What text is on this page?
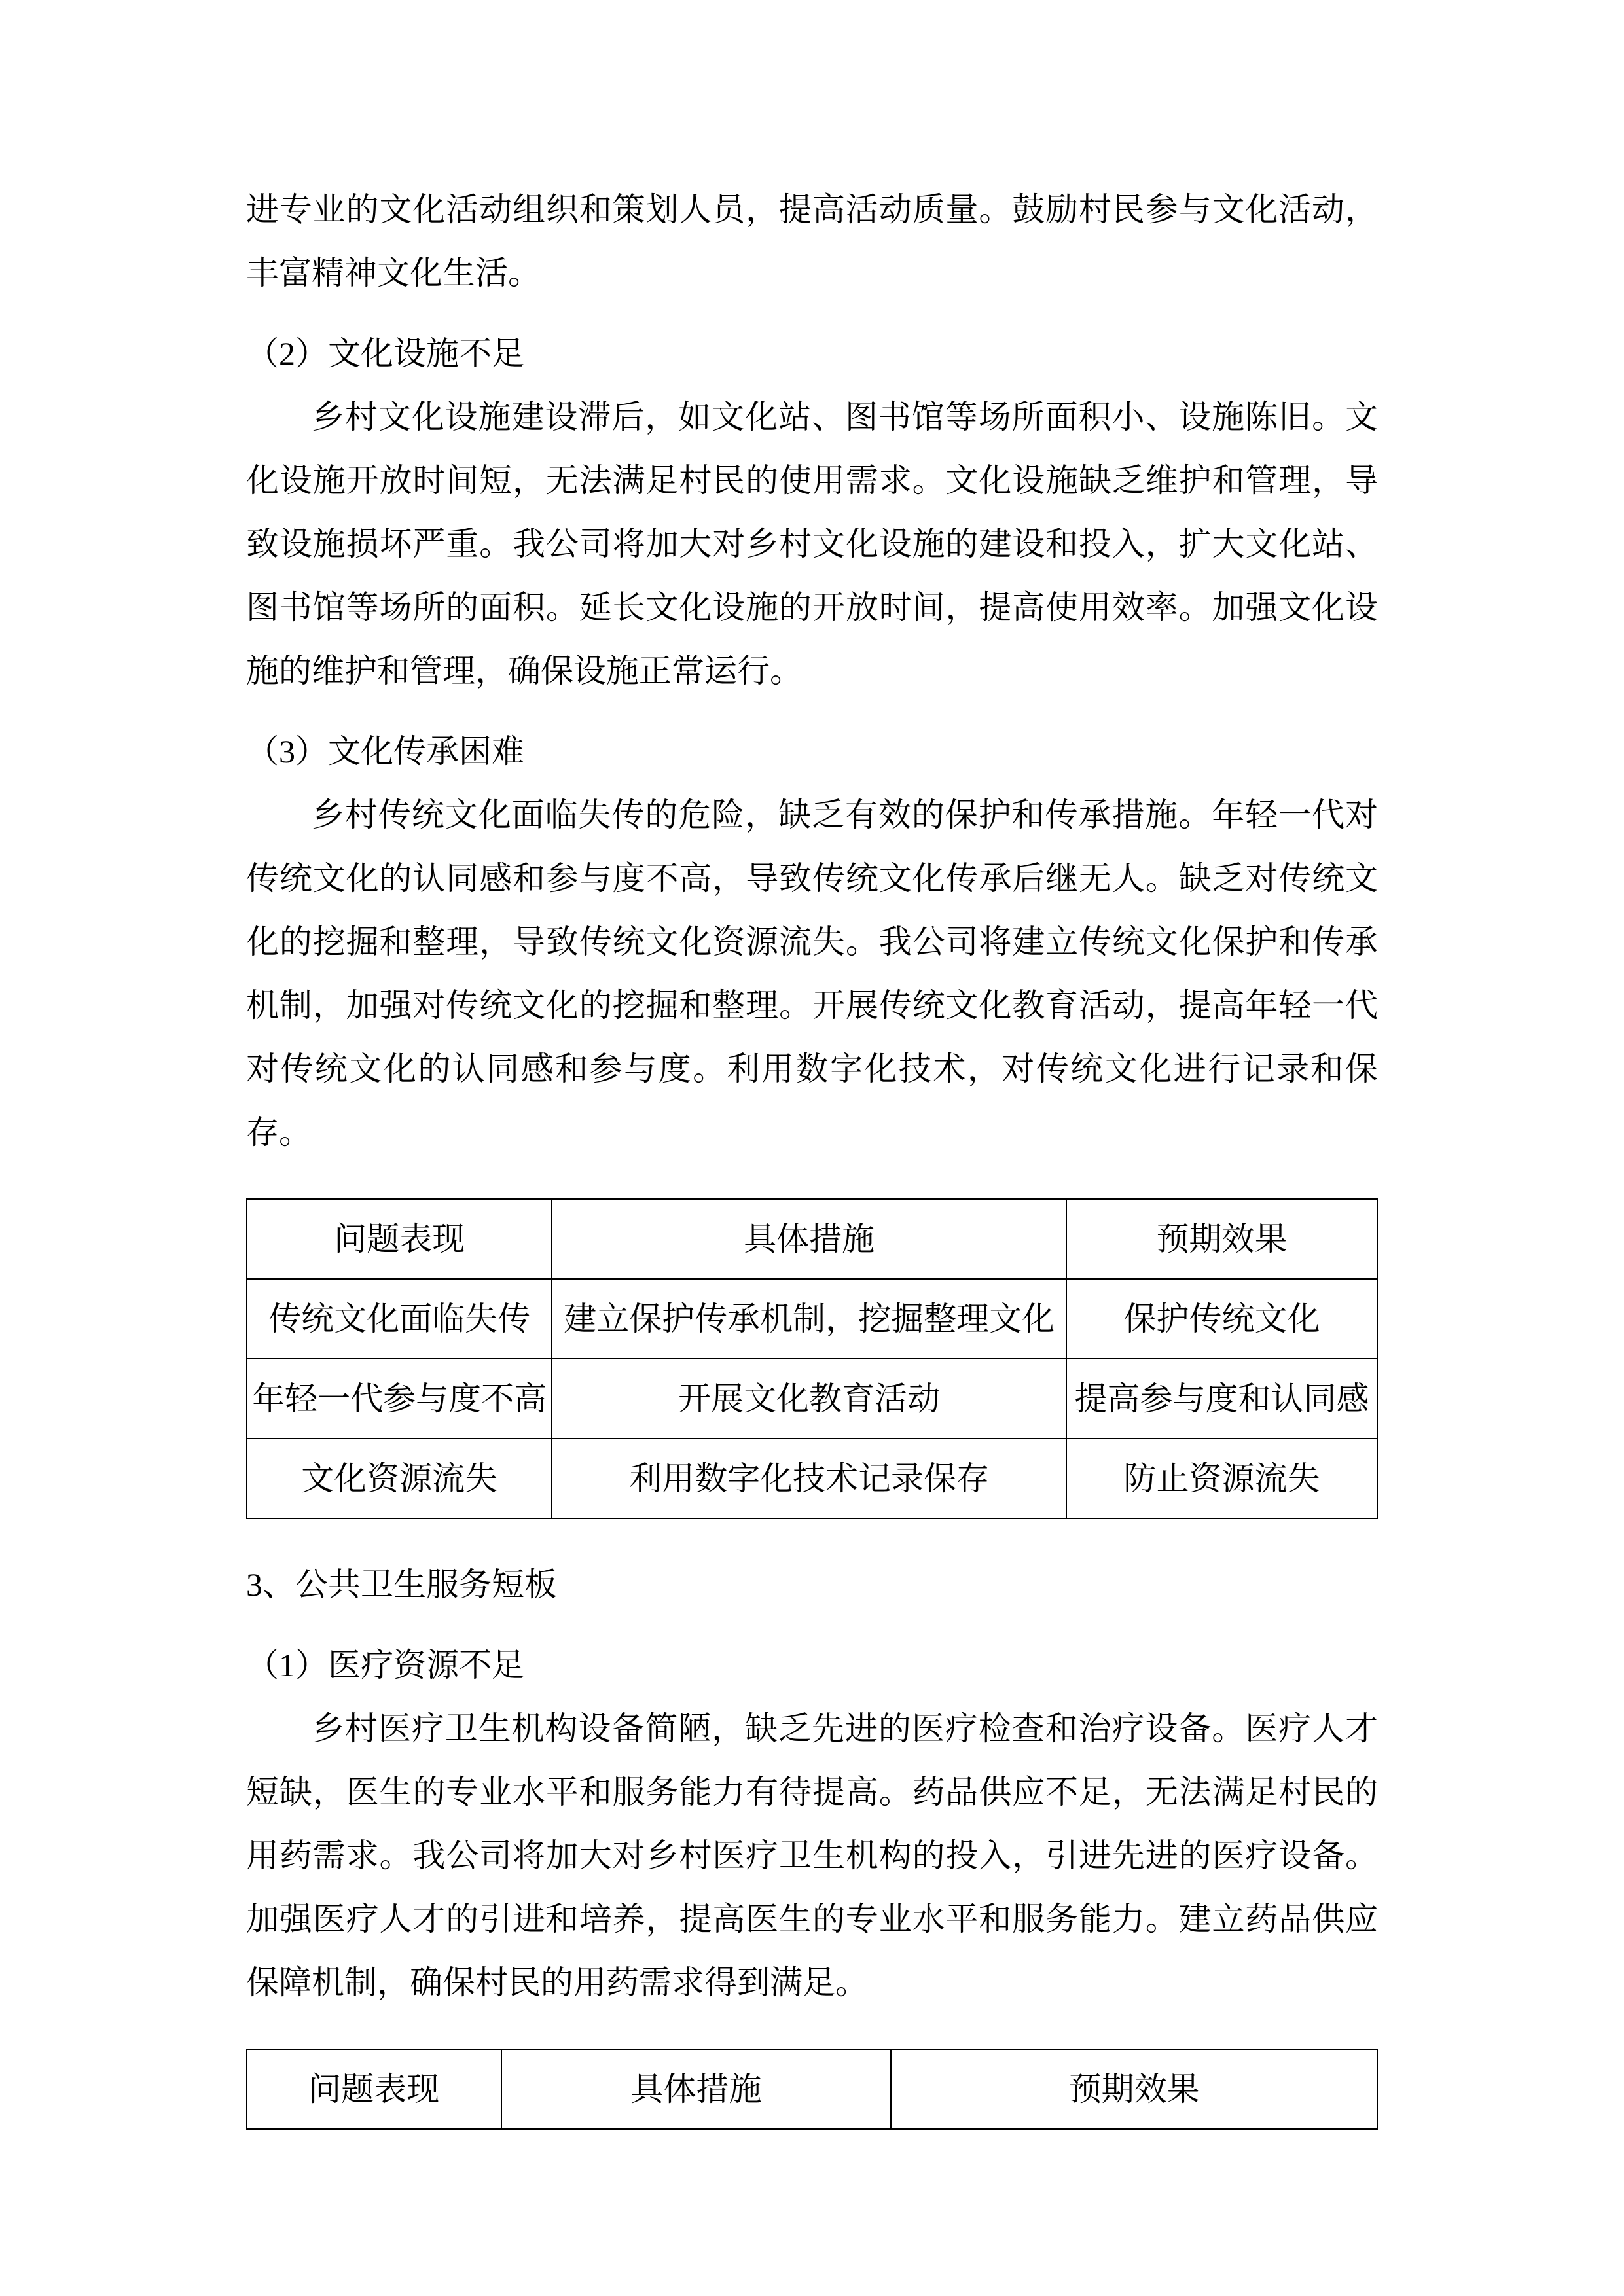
进专业的文化活动组织和策划人员，提高活动质量。鼓励村民参与文化活动，丰富精神文化生活。

（2）文化设施不足

乡村文化设施建设滞后，如文化站、图书馆等场所面积小、设施陈旧。文化设施开放时间短，无法满足村民的使用需求。文化设施缺乏维护和管理，导致设施损坏严重。我公司将加大对乡村文化设施的建设和投入，扩大文化站、图书馆等场所的面积。延长文化设施的开放时间，提高使用效率。加强文化设施的维护和管理，确保设施正常运行。

（3）文化传承困难

乡村传统文化面临失传的危险，缺乏有效的保护和传承措施。年轻一代对传统文化的认同感和参与度不高，导致传统文化传承后继无人。缺乏对传统文化的挖掘和整理，导致传统文化资源流失。我公司将建立传统文化保护和传承机制，加强对传统文化的挖掘和整理。开展传统文化教育活动，提高年轻一代对传统文化的认同感和参与度。利用数字化技术，对传统文化进行记录和保存。

问题表现	具体措施	预期效果
传统文化面临失传	建立保护传承机制，挖掘整理文化	保护传统文化
年轻一代参与度不高	开展文化教育活动	提高参与度和认同感
文化资源流失	利用数字化技术记录保存	防止资源流失

3、公共卫生服务短板

（1）医疗资源不足

乡村医疗卫生机构设备简陋，缺乏先进的医疗检查和治疗设备。医疗人才短缺，医生的专业水平和服务能力有待提高。药品供应不足，无法满足村民的用药需求。我公司将加大对乡村医疗卫生机构的投入，引进先进的医疗设备。加强医疗人才的引进和培养，提高医生的专业水平和服务能力。建立药品供应保障机制，确保村民的用药需求得到满足。

问题表现	具体措施	预期效果
